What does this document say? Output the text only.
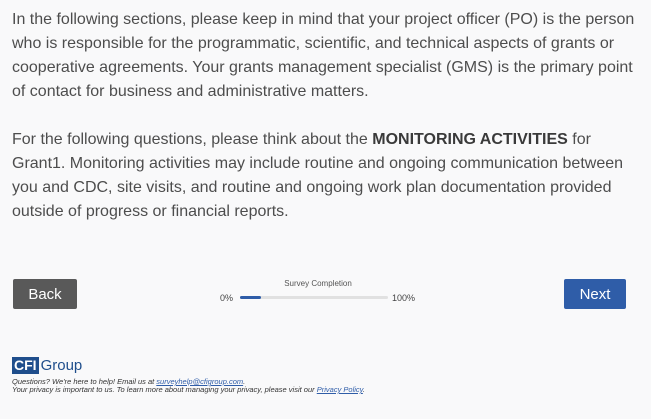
In the following sections, please keep in mind that your project officer (PO) is the person who is responsible for the programmatic, scientific, and technical aspects of grants or cooperative agreements. Your grants management specialist (GMS) is the primary point of contact for business and administrative matters.

For the following questions, please think about the MONITORING ACTIVITIES for Grant1. Monitoring activities may include routine and ongoing communication between you and CDC, site visits, and routine and ongoing work plan documentation provided outside of progress or financial reports.

Back
Survey Completion
0%	100%	Next
CFI Group
Questions? We're here to help! Email us at surveyhelp@cfigroup.com.
Your privacy is important to us. To learn more about managing your privacy, please visit our Privacy Policy.
